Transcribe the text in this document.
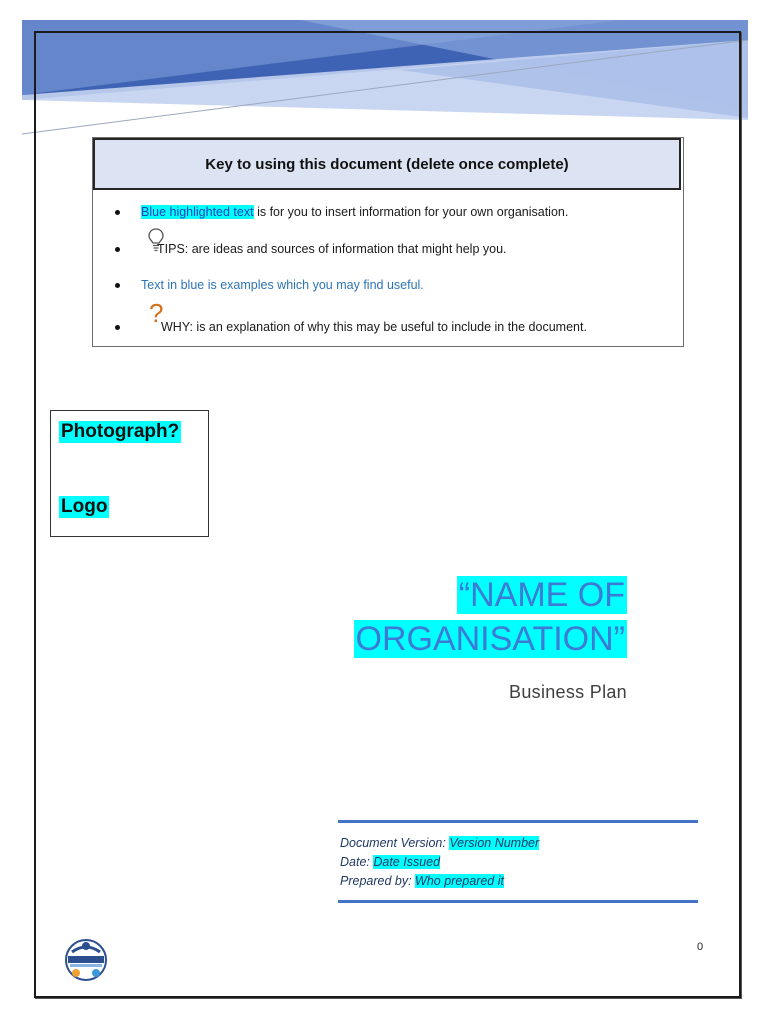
Key to using this document (delete once complete)
Blue highlighted text is for you to insert information for your own organisation.
TIPS: are ideas and sources of information that might help you.
Text in blue is examples which you may find useful.
?
WHY: is an explanation of why this may be useful to include in the document.
Photograph?
Logo
“NAME OF
ORGANISATION”
Business Plan
Document Version: Version Number
Date: Date Issued
Prepared by: Who prepared it
0
